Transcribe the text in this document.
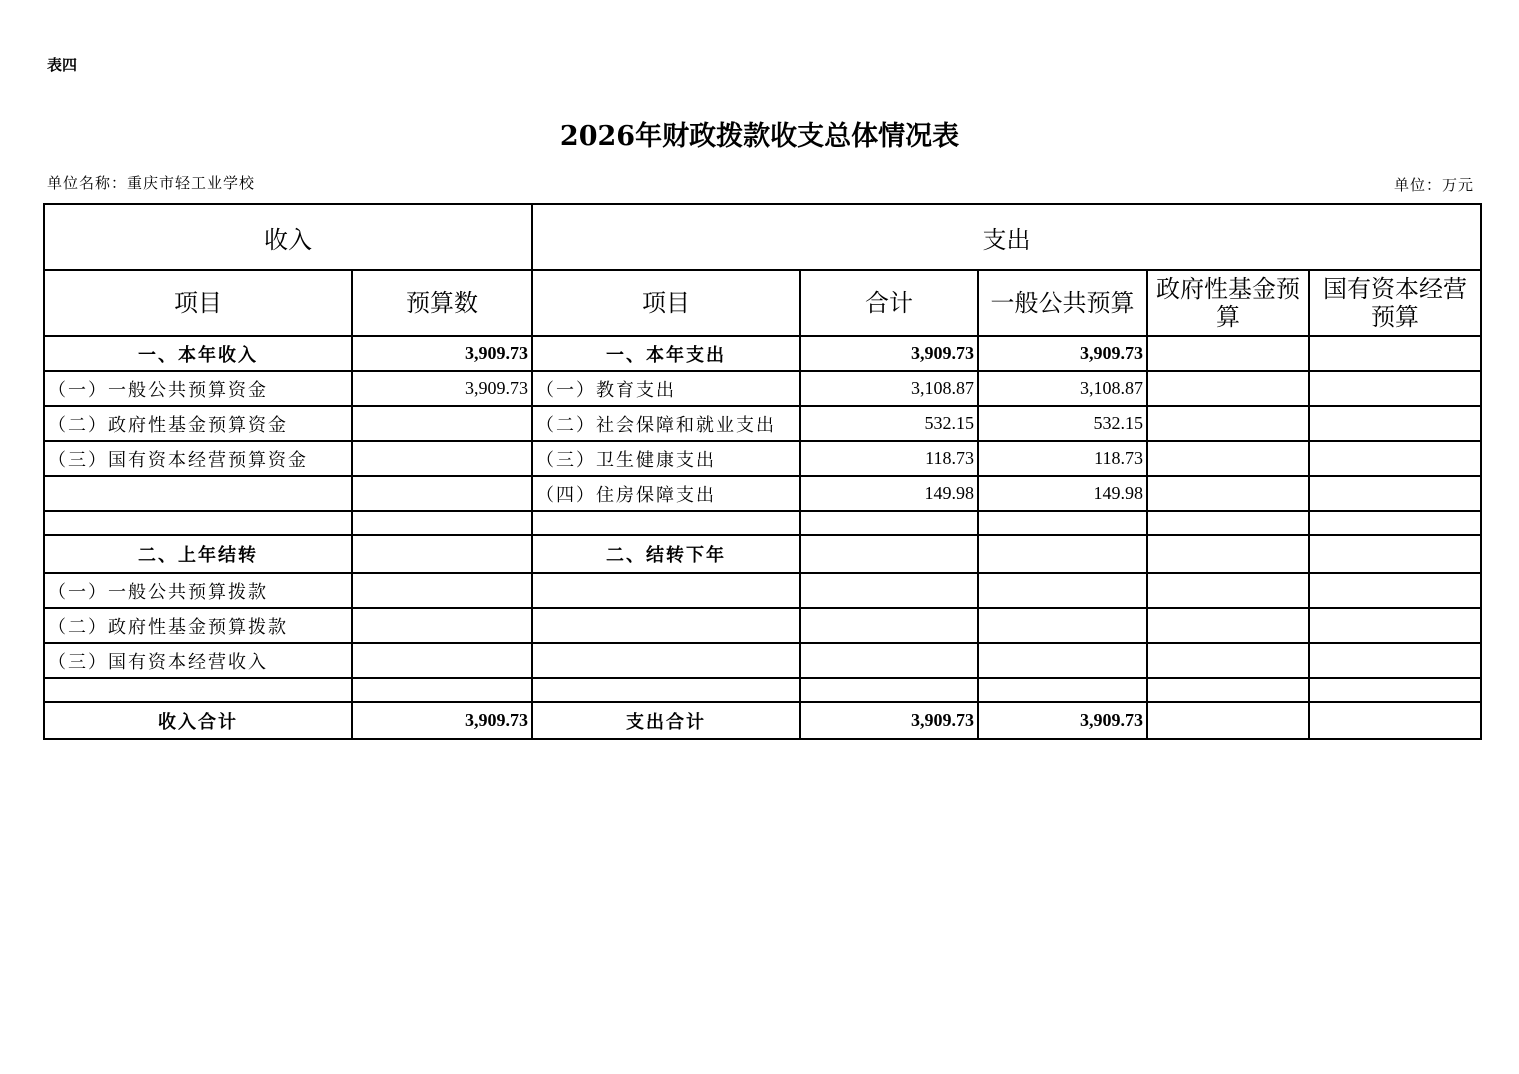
表四
2026年财政拨款收支总体情况表
单位名称：重庆市轻工业学校	单位：万元
收入		支出				
项目	预算数	项目	合计	一般公共预算	政府性基金预算	国有资本经营预算
一、本年收入	3,909.73	一、本年支出	3,909.73	3,909.73		
（一）一般公共预算资金	3,909.73	（一）教育支出	3,108.87	3,108.87		
（二）政府性基金预算资金		（二）社会保障和就业支出	532.15	532.15		
（三）国有资本经营预算资金		（三）卫生健康支出	118.73	118.73		
		（四）住房保障支出	149.98	149.98		

二、上年结转		二、结转下年				
（一）一般公共预算拨款						
（二）政府性基金预算拨款						
（三）国有资本经营收入						

收入合计	3,909.73	支出合计	3,909.73	3,909.73		
